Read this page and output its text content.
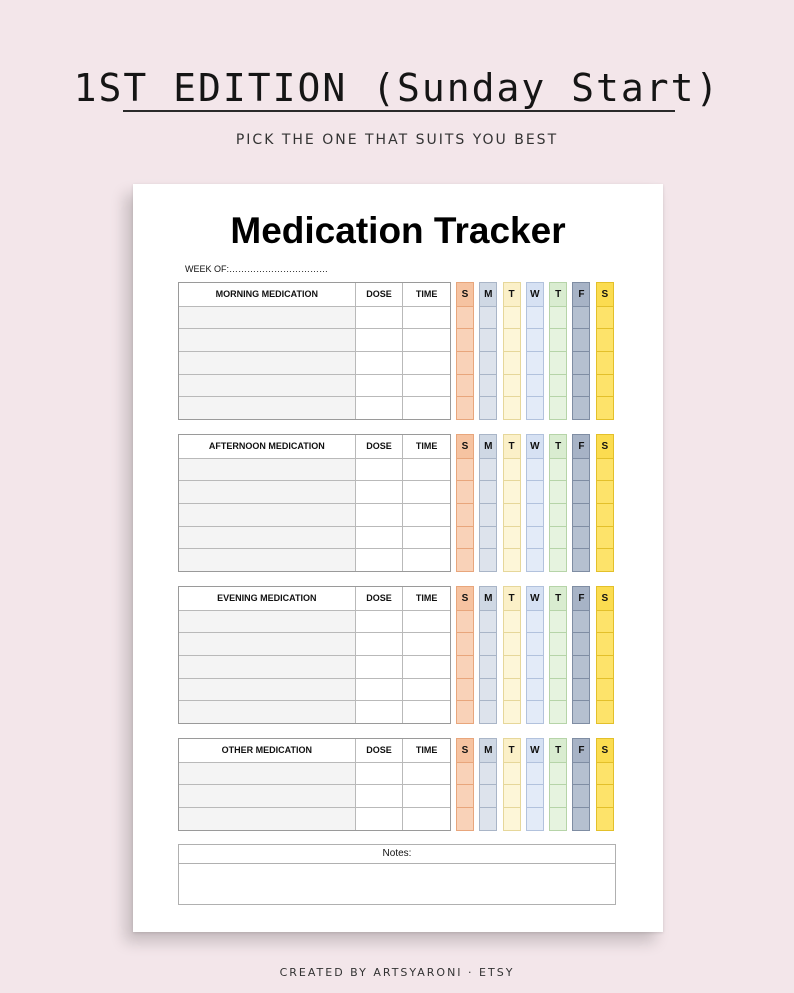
1ST EDITION (Sunday Start)
PICK THE ONE THAT SUITS YOU BEST
Medication Tracker
WEEK OF:……………………………
MORNING MEDICATION	DOSE	TIME	S	M	T	W	T	F	S
AFTERNOON MEDICATION	DOSE	TIME	S	M	T	W	T	F	S
EVENING MEDICATION	DOSE	TIME	S	M	T	W	T	F	S
OTHER MEDICATION	DOSE	TIME	S	M	T	W	T	F	S
Notes:
CREATED BY ARTSYARONI · ETSY
